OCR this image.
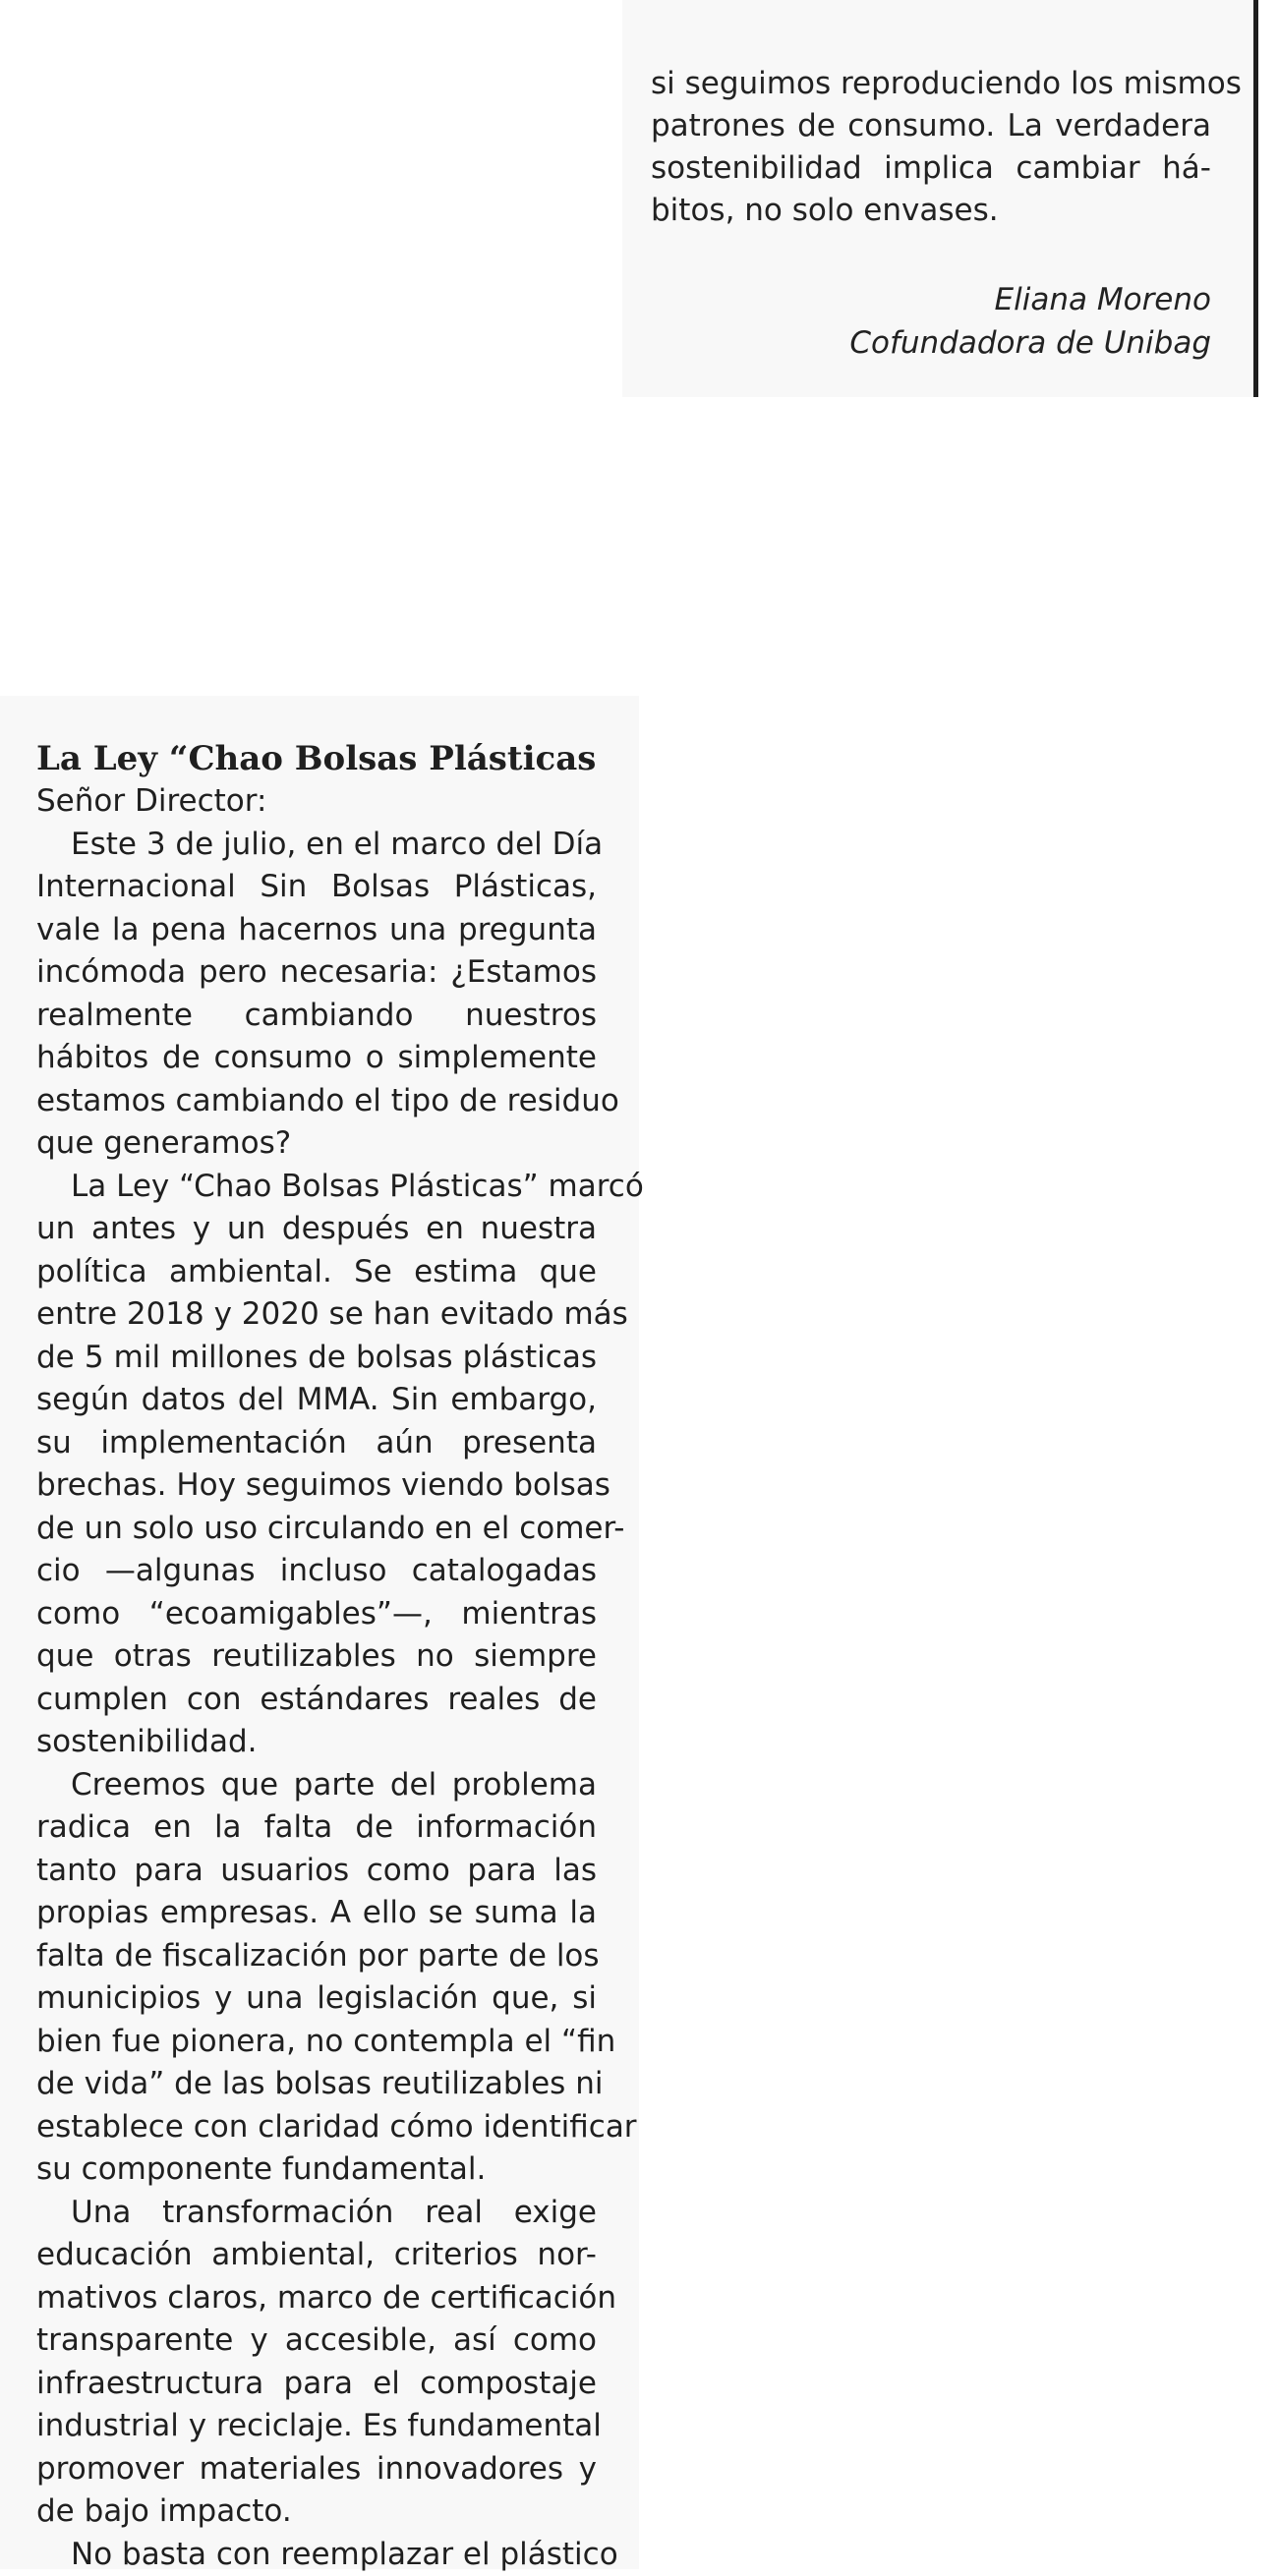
si seguimos reproduciendo los mismos
patrones de consumo. La verdadera
sostenibilidad implica cambiar há-
bitos, no solo envases.
Eliana Moreno
Cofundadora de Unibag
La Ley “Chao Bolsas Plásticas
Señor Director:

Este 3 de julio, en el marco del Día
Internacional Sin Bolsas Plásticas,
vale la pena hacernos una pregunta
incómoda pero necesaria: ¿Estamos
realmente cambiando nuestros
hábitos de consumo o simplemente
estamos cambiando el tipo de residuo
que generamos?

La Ley “Chao Bolsas Plásticas” marcó
un antes y un después en nuestra
política ambiental. Se estima que
entre 2018 y 2020 se han evitado más
de 5 mil millones de bolsas plásticas
según datos del MMA. Sin embargo,
su implementación aún presenta
brechas. Hoy seguimos viendo bolsas
de un solo uso circulando en el comer-
cio —algunas incluso catalogadas
como “ecoamigables”—, mientras
que otras reutilizables no siempre
cumplen con estándares reales de
sostenibilidad.

Creemos que parte del problema
radica en la falta de información
tanto para usuarios como para las
propias empresas. A ello se suma la
falta de fiscalización por parte de los
municipios y una legislación que, si
bien fue pionera, no contempla el “fin
de vida” de las bolsas reutilizables ni
establece con claridad cómo identificar
su componente fundamental.

Una transformación real exige
educación ambiental, criterios nor-
mativos claros, marco de certificación
transparente y accesible, así como
infraestructura para el compostaje
industrial y reciclaje. Es fundamental
promover materiales innovadores y
de bajo impacto.

No basta con reemplazar el plástico
